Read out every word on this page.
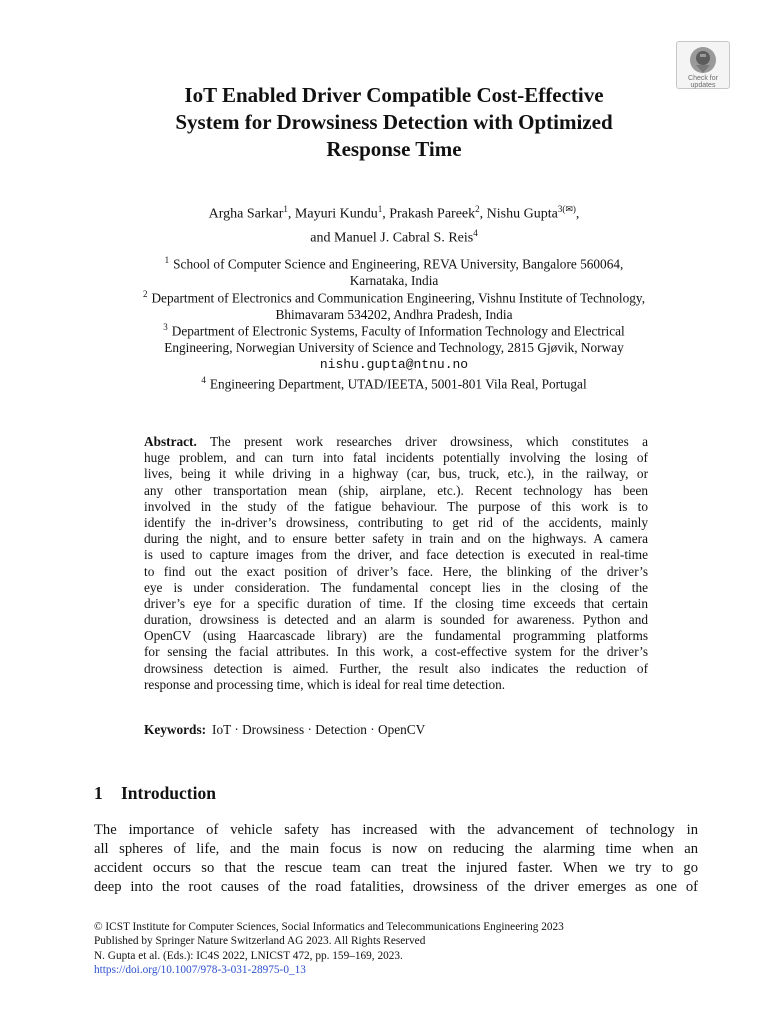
Check for
updates
IoT Enabled Driver Compatible Cost-Effective
System for Drowsiness Detection with Optimized
Response Time
Argha Sarkar$^1$, Mayuri Kundu$^1$, Prakash Pareek$^2$, Nishu Gupta$^{3(✉)}$,
and Manuel J. Cabral S. Reis$^4$
$^1$ School of Computer Science and Engineering, REVA University, Bangalore 560064,
Karnataka, India
$^2$ Department of Electronics and Communication Engineering, Vishnu Institute of Technology,
Bhimavaram 534202, Andhra Pradesh, India
$^3$ Department of Electronic Systems, Faculty of Information Technology and Electrical
Engineering, Norwegian University of Science and Technology, 2815 Gjøvik, Norway
nishu.gupta@ntnu.no
$^4$ Engineering Department, UTAD/IEETA, 5001-801 Vila Real, Portugal
Abstract. The present work researches driver drowsiness, which constitutes a
huge problem, and can turn into fatal incidents potentially involving the losing of
lives, being it while driving in a highway (car, bus, truck, etc.), in the railway, or
any other transportation mean (ship, airplane, etc.). Recent technology has been
involved in the study of the fatigue behaviour. The purpose of this work is to
identify the in-driver’s drowsiness, contributing to get rid of the accidents, mainly
during the night, and to ensure better safety in train and on the highways. A camera
is used to capture images from the driver, and face detection is executed in real-time
to find out the exact position of driver’s face. Here, the blinking of the driver’s
eye is under consideration. The fundamental concept lies in the closing of the
driver’s eye for a specific duration of time. If the closing time exceeds that certain
duration, drowsiness is detected and an alarm is sounded for awareness. Python and
OpenCV (using Haarcascade library) are the fundamental programming platforms
for sensing the facial attributes. In this work, a cost-effective system for the driver’s
drowsiness detection is aimed. Further, the result also indicates the reduction of
response and processing time, which is ideal for real time detection.
Keywords: IoT · Drowsiness · Detection · OpenCV
1 Introduction
The importance of vehicle safety has increased with the advancement of technology in
all spheres of life, and the main focus is now on reducing the alarming time when an
accident occurs so that the rescue team can treat the injured faster. When we try to go
deep into the root causes of the road fatalities, drowsiness of the driver emerges as one of
© ICST Institute for Computer Sciences, Social Informatics and Telecommunications Engineering 2023
Published by Springer Nature Switzerland AG 2023. All Rights Reserved
N. Gupta et al. (Eds.): IC4S 2022, LNICST 472, pp. 159–169, 2023.
https://doi.org/10.1007/978-3-031-28975-0_13
